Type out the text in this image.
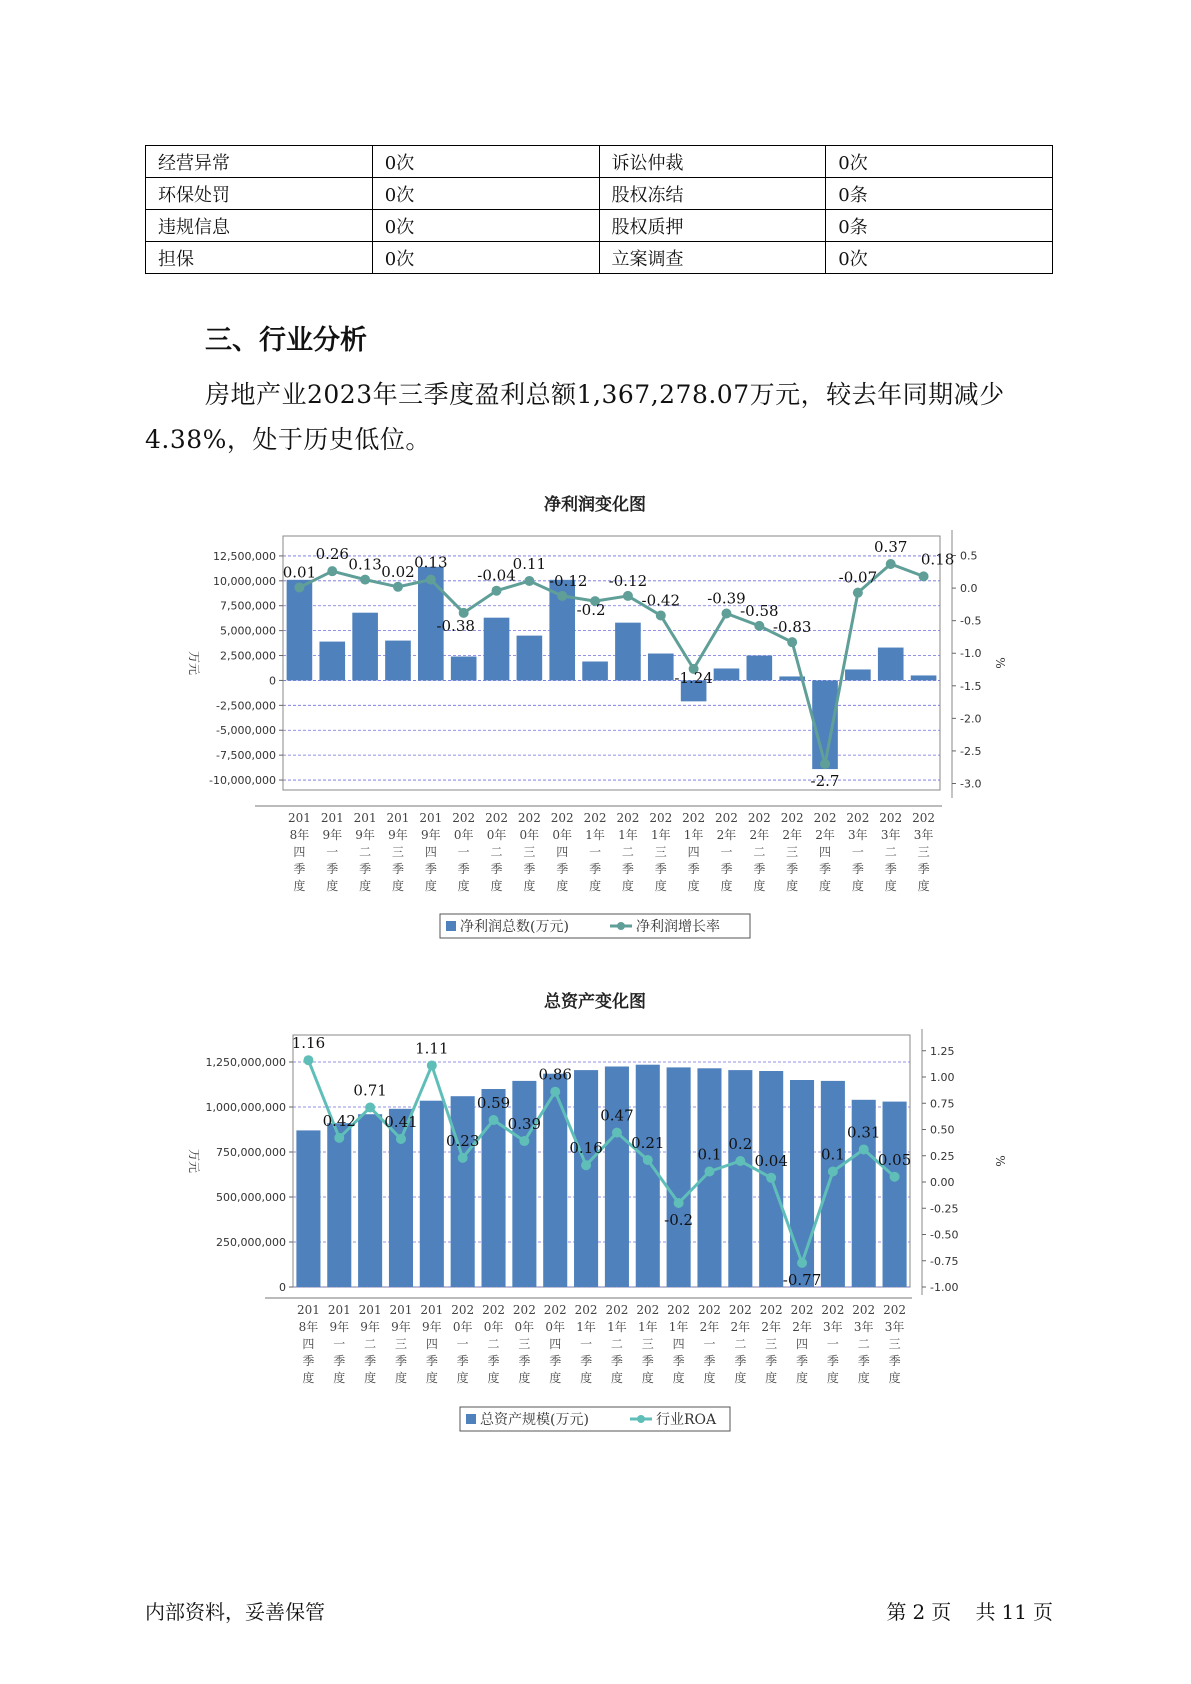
经营异常	0次	诉讼仲裁	0次
环保处罚	0次	股权冻结	0条
违规信息	0次	股权质押	0条
担保	0次	立案调查	0次
三、行业分析

房地产业2023年三季度盈利总额1,367,278.07万元，较去年同期减少4.38%，处于历史低位。

净利润变化图
12,500,000
10,000,000
7,500,000
5,000,000
2,500,000
0
-2,500,000
-5,000,000
-7,500,000
-10,000,000
0.5
0.0
-0.5
-1.0
-1.5
-2.0
-2.5
-3.0
万元	%
201
8年
四
季
度
201
9年
一
季
度
201
9年
二
季
度
201
9年
三
季
度
201
9年
四
季
度
202
0年
一
季
度
202
0年
二
季
度
202
0年
三
季
度
202
0年
四
季
度
202
1年
一
季
度
202
1年
二
季
度
202
1年
三
季
度
202
1年
四
季
度
202
2年
一
季
度
202
2年
二
季
度
202
2年
三
季
度
202
2年
四
季
度
202
3年
一
季
度
202
3年
二
季
度
202
3年
三
季
度
0.01
0.26
0.13 0.02
0.13
-0.38
-0.04
0.11
-0.12
-0.2
-0.12
-0.42
-1.24
-0.39
-0.58
-0.83
-2.7
-0.07
0.37
0.18
净利润总数(万元)	净利润增长率
总资产变化图
1,250,000,000
1,000,000,000
750,000,000
500,000,000
250,000,000
0
1.25
1.00
0.75
0.50
0.25
0.00
-0.25
-0.50
-0.75
-1.00
万元	%
201
8年
四
季
度
201
9年
一
季
度
201
9年
二
季
度
201
9年
三
季
度
201
9年
四
季
度
202
0年
一
季
度
202
0年
二
季
度
202
0年
三
季
度
202
0年
四
季
度
202
1年
一
季
度
202
1年
二
季
度
202
1年
三
季
度
202
1年
四
季
度
202
2年
一
季
度
202
2年
二
季
度
202
2年
三
季
度
202
2年
四
季
度
202
3年
一
季
度
202
3年
二
季
度
202
3年
三
季
度
1.16
0.42
0.71
0.41
1.11
0.23
0.59
0.39
0.86
0.16
0.47
0.21
-0.2
0.1
0.2
0.04
-0.77
0.1
0.31
0.05
总资产规模(万元)	行业ROA
内部资料，妥善保管	第 2 页 共 11 页
